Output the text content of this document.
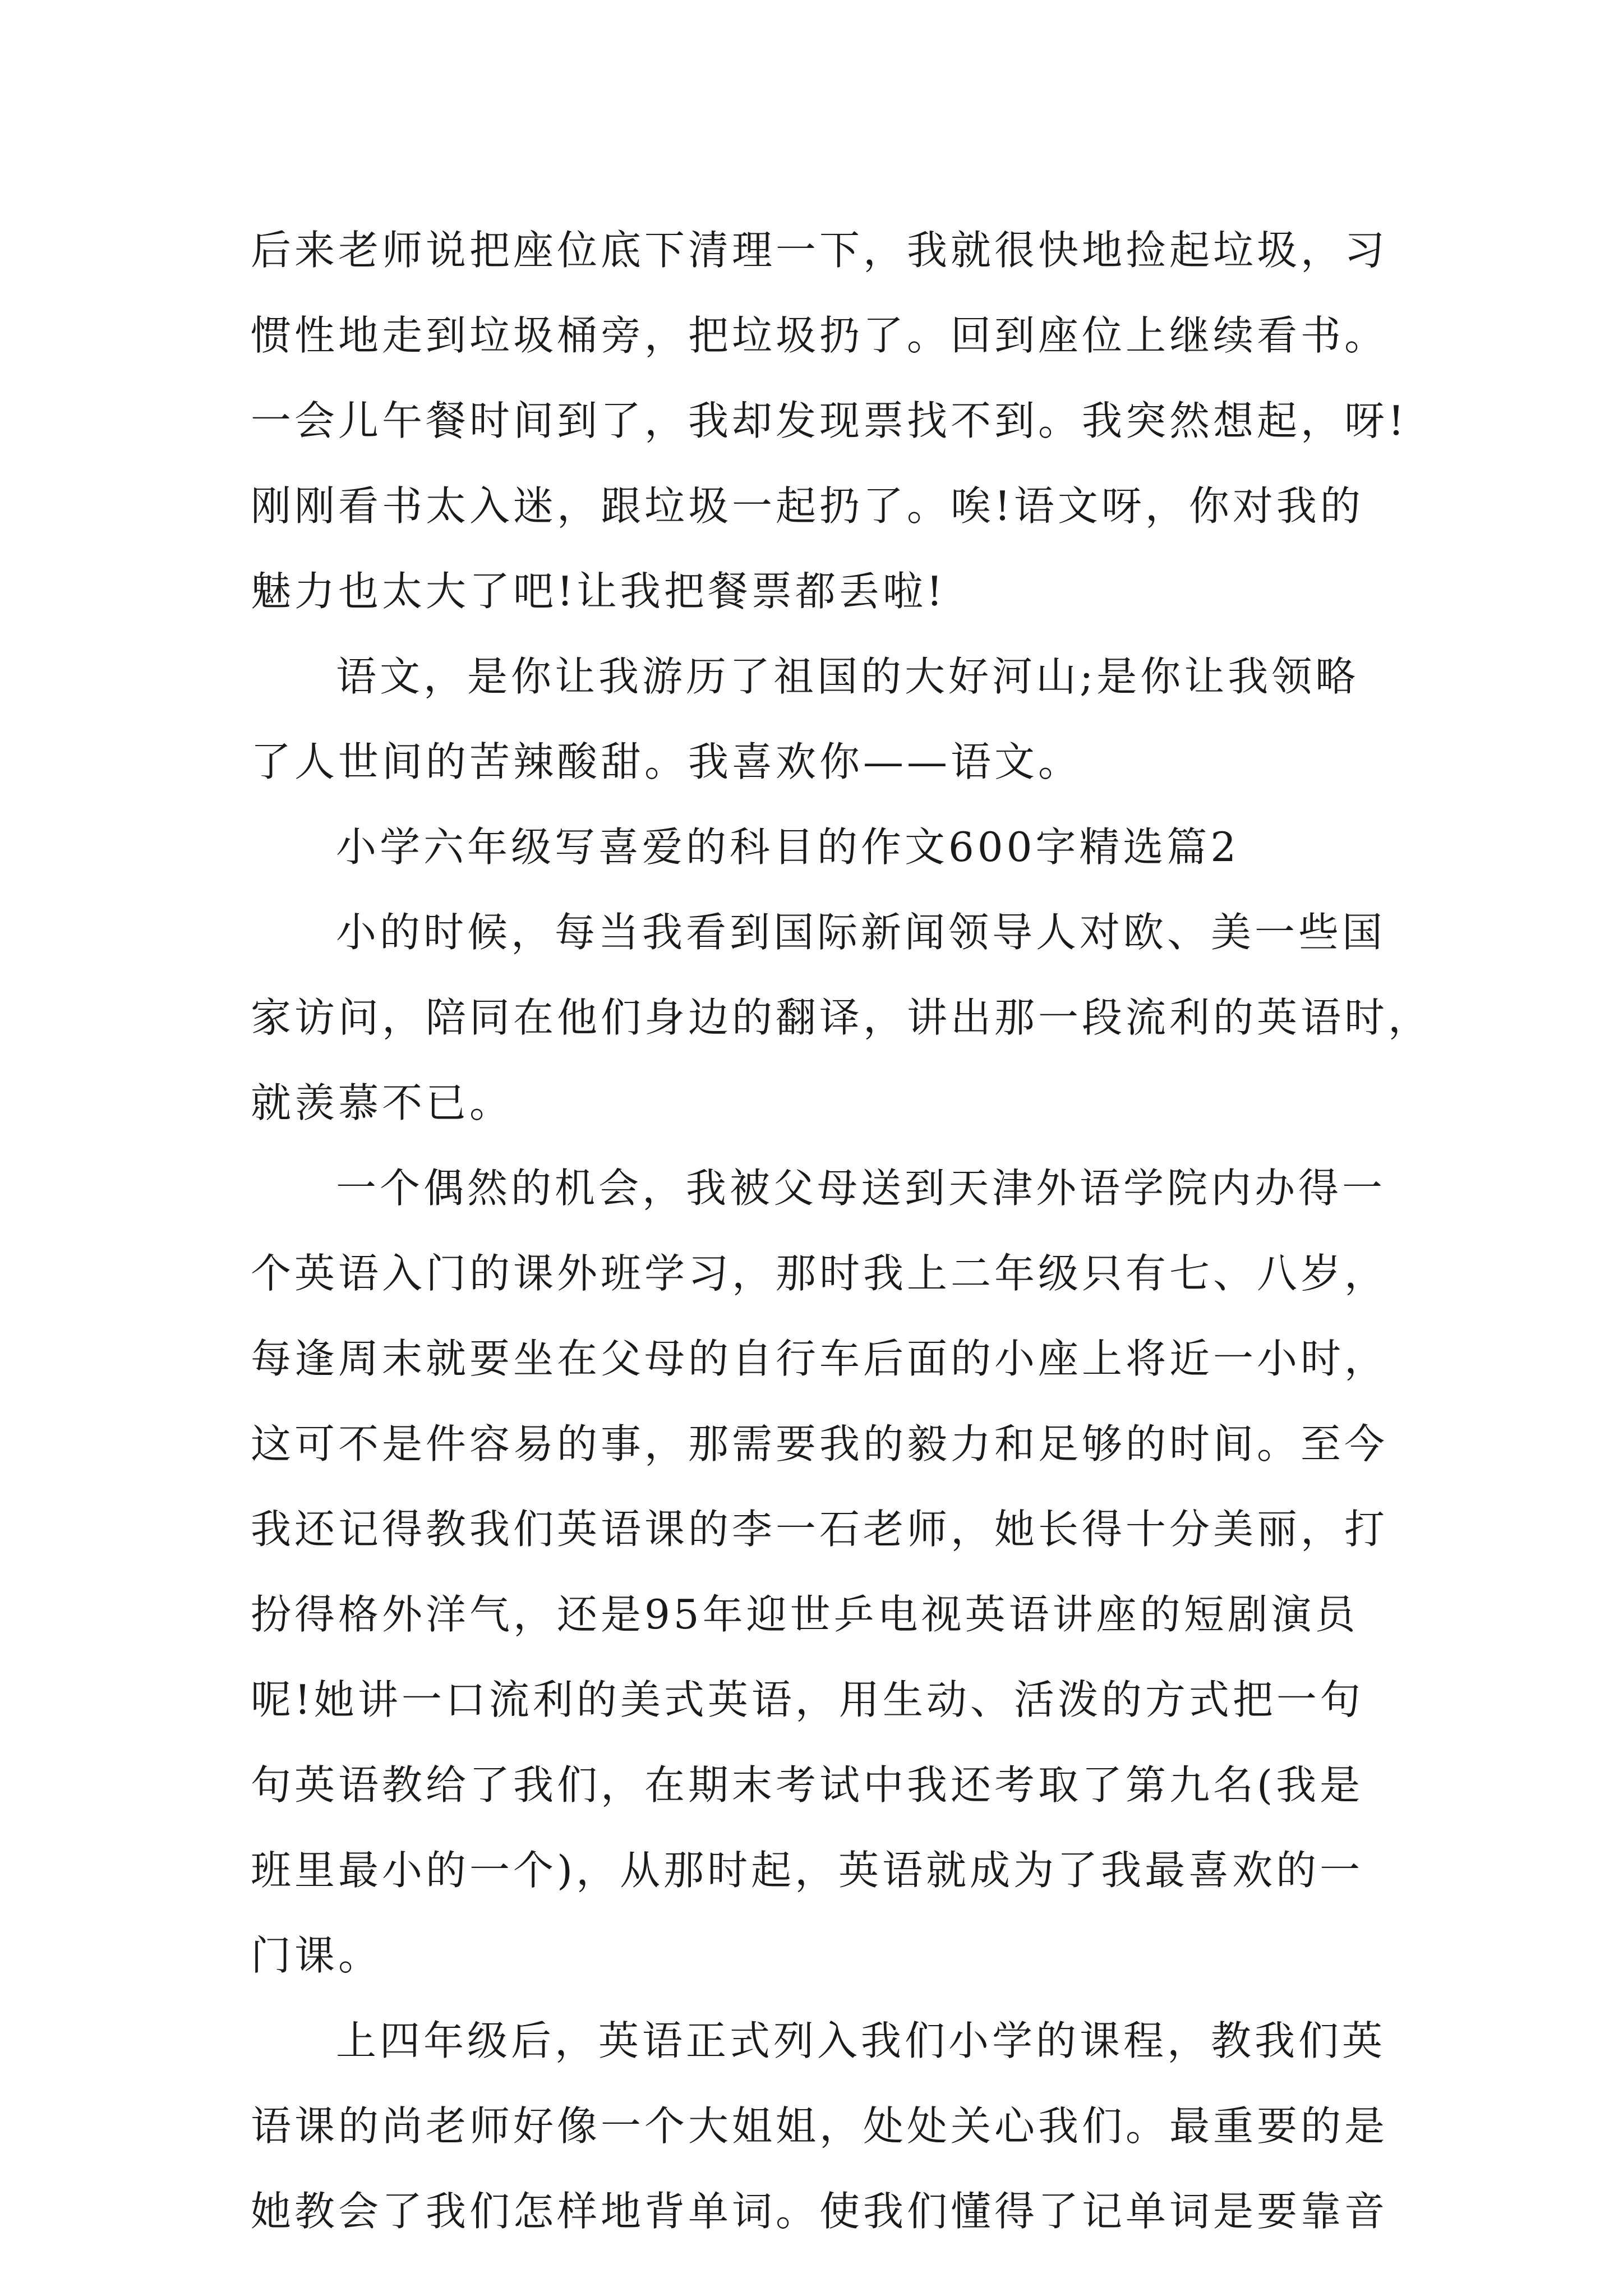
后来老师说把座位底下清理一下，我就很快地捡起垃圾，习
惯性地走到垃圾桶旁，把垃圾扔了。回到座位上继续看书。
一会儿午餐时间到了，我却发现票找不到。我突然想起，呀!
刚刚看书太入迷，跟垃圾一起扔了。唉!语文呀，你对我的
魅力也太大了吧!让我把餐票都丢啦!
语文，是你让我游历了祖国的大好河山;是你让我领略
了人世间的苦辣酸甜。我喜欢你——语文。
小学六年级写喜爱的科目的作文600字精选篇2
小的时候，每当我看到国际新闻领导人对欧、美一些国
家访问，陪同在他们身边的翻译，讲出那一段流利的英语时，
就羡慕不已。
一个偶然的机会，我被父母送到天津外语学院内办得一
个英语入门的课外班学习，那时我上二年级只有七、八岁，
每逢周末就要坐在父母的自行车后面的小座上将近一小时，
这可不是件容易的事，那需要我的毅力和足够的时间。至今
我还记得教我们英语课的李一石老师，她长得十分美丽，打
扮得格外洋气，还是95年迎世乒电视英语讲座的短剧演员
呢!她讲一口流利的美式英语，用生动、活泼的方式把一句
句英语教给了我们，在期末考试中我还考取了第九名(我是
班里最小的一个)，从那时起，英语就成为了我最喜欢的一
门课。
上四年级后，英语正式列入我们小学的课程，教我们英
语课的尚老师好像一个大姐姐，处处关心我们。最重要的是
她教会了我们怎样地背单词。使我们懂得了记单词是要靠音
